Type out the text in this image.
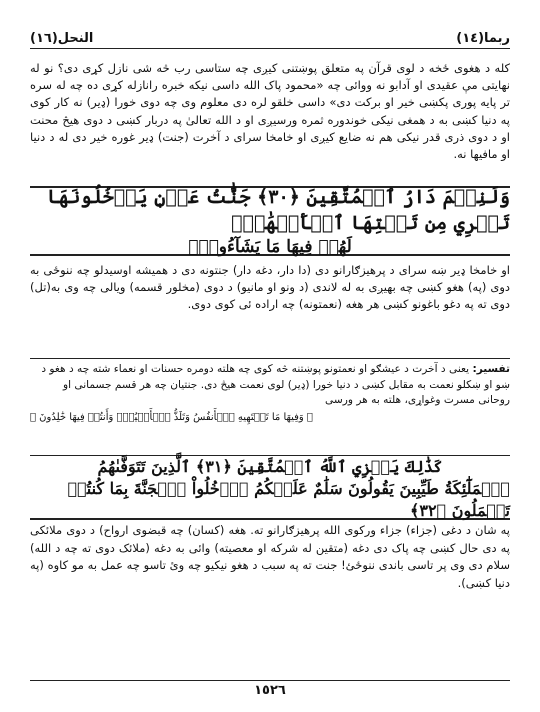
ربما(١٤)
النحل(١٦)

کله د هغوی ځخه د لوی قرآن په متعلق پوښتنی کیږی چه ستاسی رب څه شی نازل کړی دی؟ نو له نهایتی مې عقیدی او آدابو نه ووائی چه «محمود پاک الله داسی نیکه خبره رانازله کړی ده چه له سره تر پایه پوری پکښی خیر او برکت دی» داسی خلقو لره دی معلوم وی چه دوی خورا (ډیر) نه کار کوی په دنیا کښی به د همغی نیکی خوندوره ثمره ورسیږی او د الله تعالیٰ په دربار کښی د دوی هیڅ محنت او د دوی ذری قدر نیکی هم نه ضایع کیږی او خامخا سرای د آخرت (جنت) ډیر غوره خیر دی له د دنیا او مافیها نه.

وَلَنِعۡمَ دَارُ ٱلۡمُتَّقِينَ ﴿٣٠﴾ جَنَّٰتُ عَدۡنٖ يَدۡخُلُونَهَا تَجۡرِي مِن تَحۡتِهَا ٱلۡأَنۡهَٰرُۖ
لَهُمۡ فِيهَا مَا يَشَآءُونَۚ

او خامخا ډیر ښه سرای د پرهیزګارانو دی (دا دار، دغه دار) جنتونه دی د همیشه اوسیدلو چه ننوځی به دوی (په) هغو کښی چه بهیږی به له لاندی (د ونو او مانیو) د دوی (مخلور قسمه) ویالی چه وی به(تل) دوی ته په دغو باغونو کښی هر هغه (نعمتونه) چه اراده ئی کوی دوی.

تفسیر: یعنی د آخرت د عیشګو او نعمتونو پوښتنه څه کوی چه هلته دومره حسنات او نعماء شته چه د هغو د ښو او ښکلو نعمت به مقابل کښی د دنیا خورا (ډیر) لوی نعمت هیڅ دی. جنتیان چه هر قسم جسمانی او روحانی مسرت وغواړی، هلته به هر ورسی
﴿ وَفِيهَا مَا تَشۡتَهِيهِ ٱلۡأَنفُسُ وَتَلَذُّ ٱلۡأَعۡيُنُۖ وَأَنتُمۡ فِيهَا خَٰلِدُونَ ﴾
كَذَٰلِكَ يَجۡزِي ٱللَّهُ ٱلۡمُتَّقِينَ ﴿٣١﴾ ٱلَّذِينَ تَتَوَفَّىٰهُمُ
ٱلۡمَلَٰٓئِكَةُ طَيِّبِينَ يَقُولُونَ سَلَٰمٌ عَلَيۡكُمُ ٱدۡخُلُواْ ٱلۡجَنَّةَ بِمَا كُنتُمۡ تَعۡمَلُونَ ﴿٣٢﴾

په شان د دغی (جزاء) جزاء ورکوی الله پرهیزګارانو ته. هغه (کسان) چه قبضوی ارواح) د دوی ملائکی په دی حال کښی چه پاک دی دغه (متقین له شرکه او معصیته) وائی به دغه (ملائک دوی ته چه د الله) سلام دی وی پر تاسی باندی ننوځئ! جنت ته په سبب د هغو نیکیو چه وئ تاسو چه عمل به مو کاوه (په دنیا کښی).

١٥٢٦
